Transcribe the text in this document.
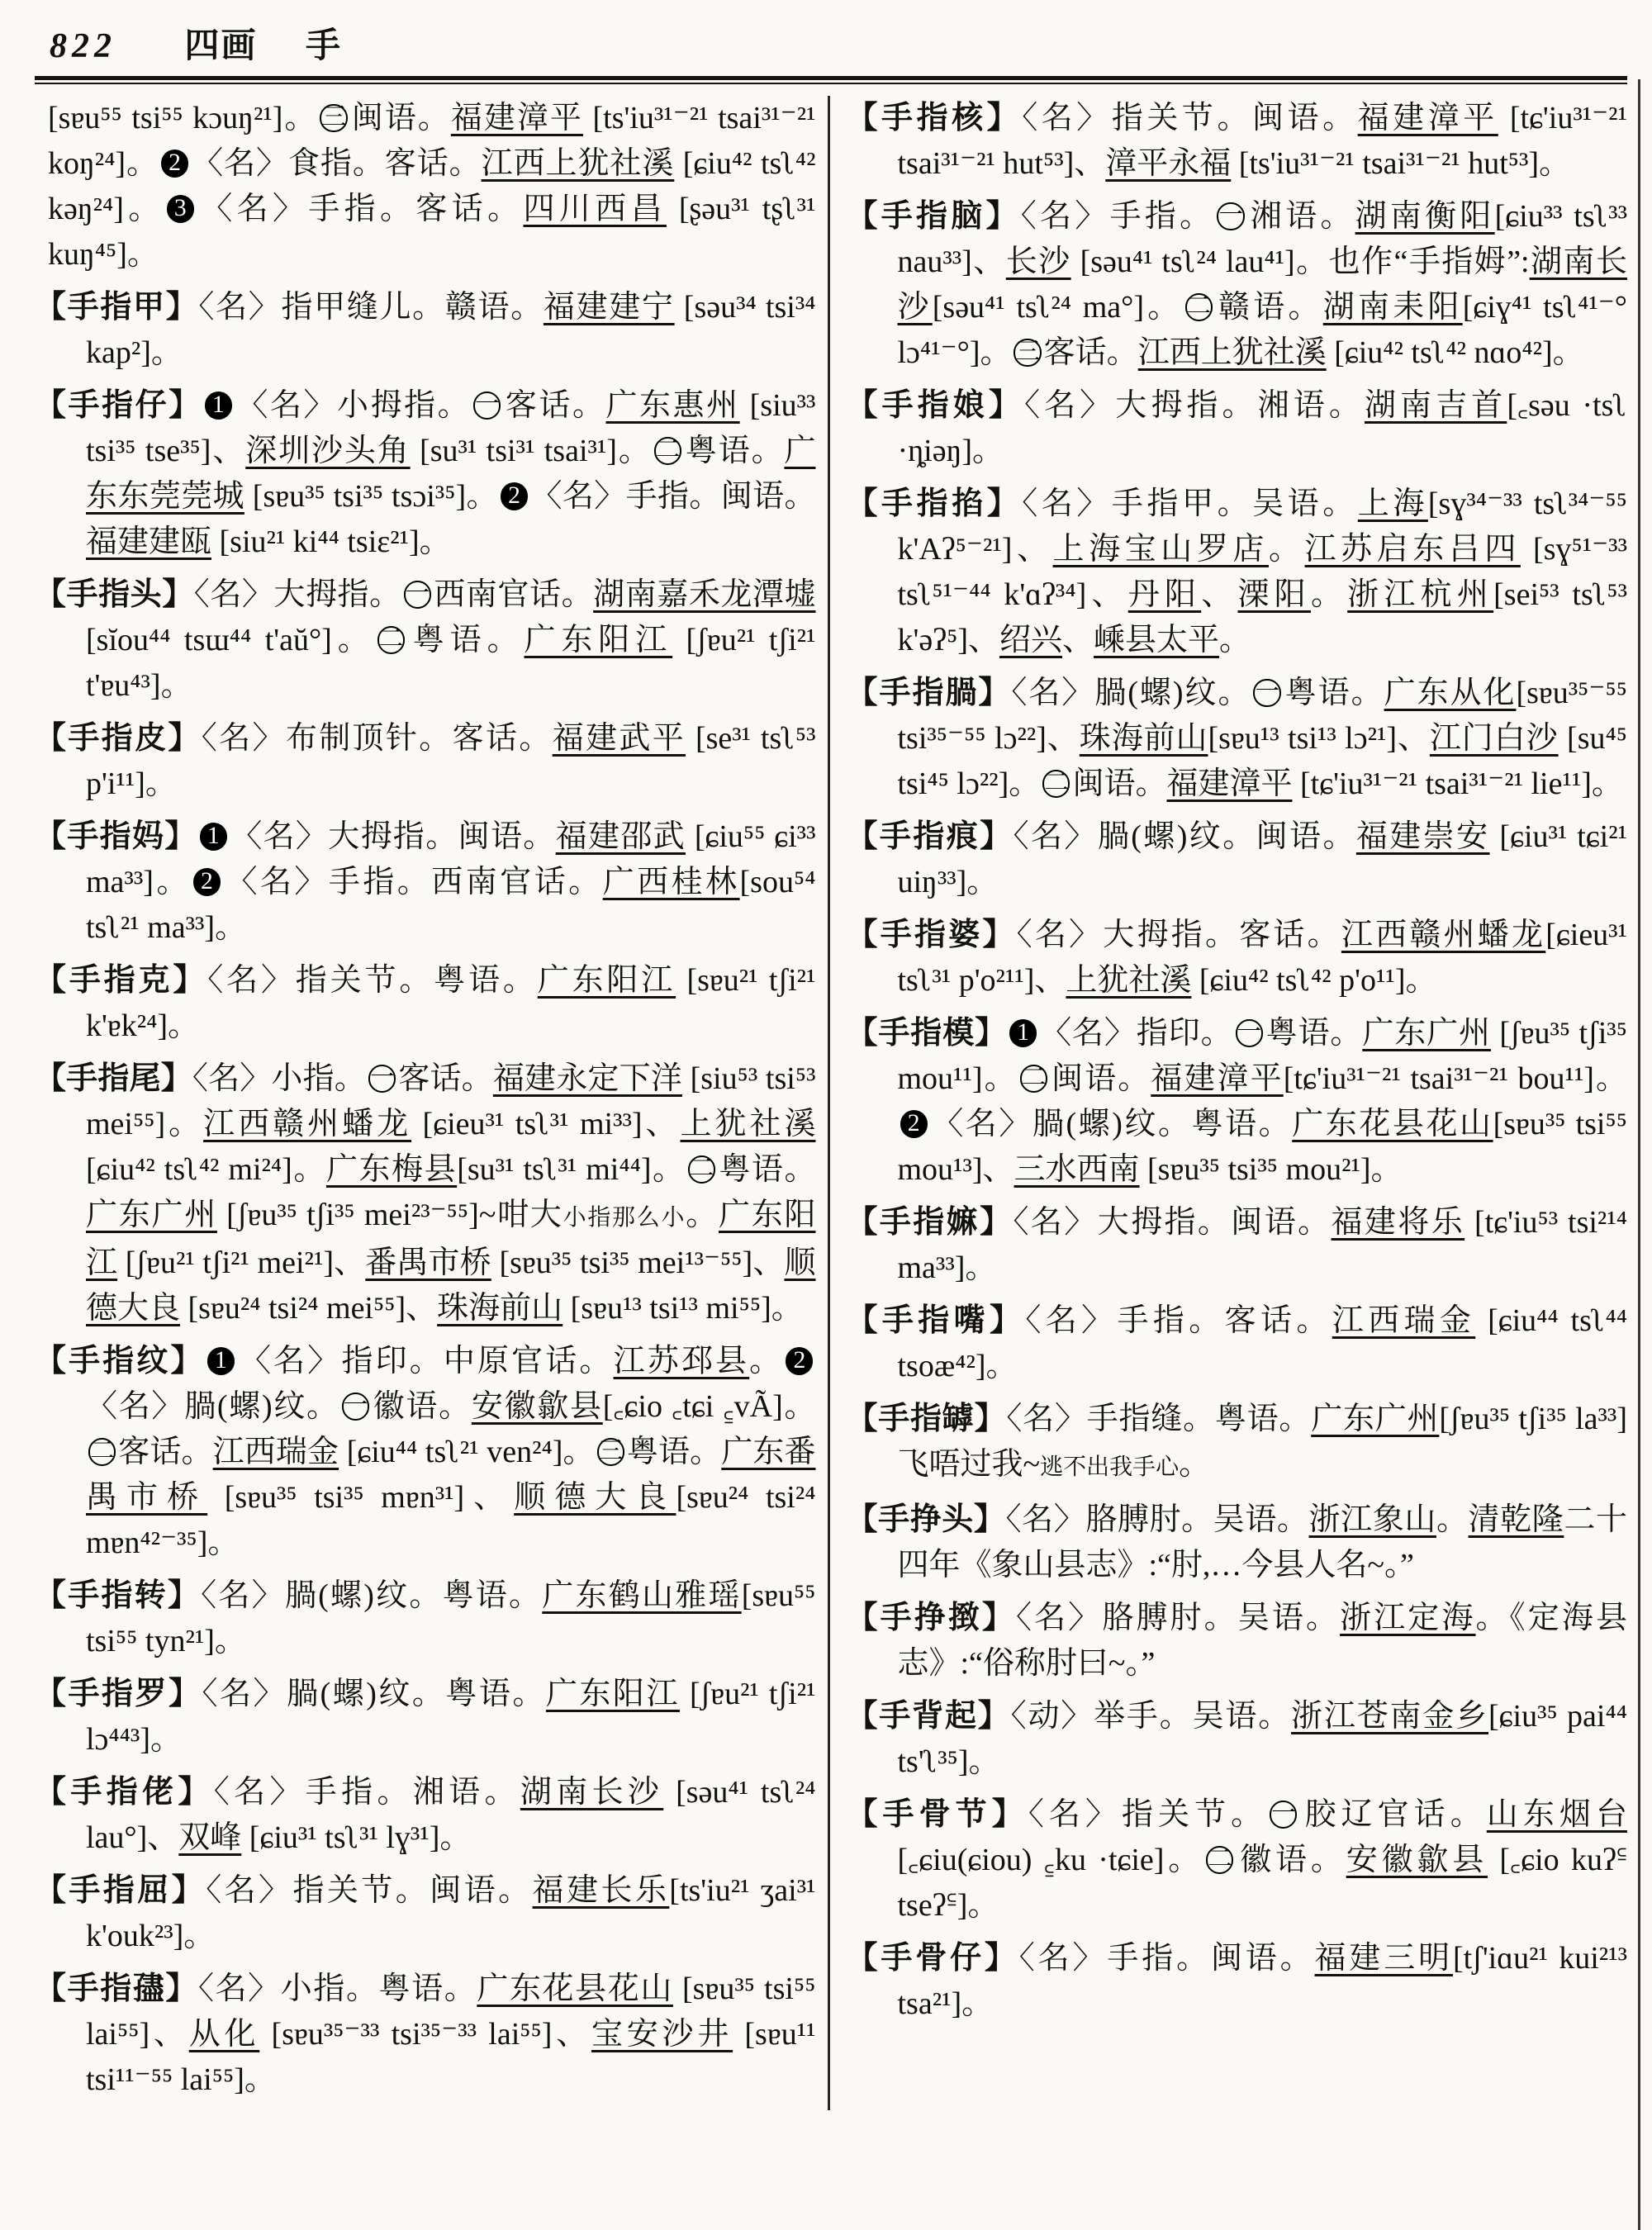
822 四画 手
[sɐu⁵⁵ tsi⁵⁵ kɔuŋ²¹]。 三 闽语。福建漳平 [ts'iu³¹⁻²¹ tsai³¹⁻²¹ koŋ²⁴]。 2 〈名〉食指。客话。江西上犹社溪 [ɕiu⁴² tsʅ⁴² kəŋ²⁴]。 3 〈名〉手指。客话。四川西昌 [ʂəu³¹ tʂʅ³¹ kuŋ⁴⁵]。
【手指甲】〈名〉指甲缝儿。赣语。福建建宁 [səu³⁴ tsi³⁴ kap²]。
【手指仔】 1 〈名〉小拇指。 一 客话。广东惠州 [siu³³ tsi³⁵ tse³⁵]、深圳沙头角 [su³¹ tsi³¹ tsai³¹]。 二 粤语。广东东莞莞城 [sɐu³⁵ tsi³⁵ tsɔi³⁵]。 2 〈名〉手指。闽语。福建建瓯 [siu²¹ ki⁴⁴ tsiɛ²¹]。
【手指头】〈名〉大拇指。 一 西南官话。湖南嘉禾龙潭墟 [sĭou⁴⁴ tsɯ⁴⁴ t'aŭ°]。 二 粤语。广东阳江 [ʃɐu²¹ tʃi²¹ t'ɐu⁴³]。
【手指皮】〈名〉布制顶针。客话。福建武平 [se³¹ tsʅ⁵³ p'i¹¹]。
【手指妈】 1 〈名〉大拇指。闽语。福建邵武 [ɕiu⁵⁵ ɕi³³ ma³³]。 2 〈名〉手指。西南官话。广西桂林[sou⁵⁴ tsʅ²¹ ma³³]。
【手指克】〈名〉指关节。粤语。广东阳江 [sɐu²¹ tʃi²¹ k'ɐk²⁴]。
【手指尾】〈名〉小指。 一 客话。福建永定下洋 [siu⁵³ tsi⁵³ mei⁵⁵]。江西赣州蟠龙 [ɕieu³¹ tsʅ³¹ mi³³]、上犹社溪 [ɕiu⁴² tsʅ⁴² mi²⁴]。广东梅县[su³¹ tsʅ³¹ mi⁴⁴]。 二 粤语。广东广州 [ʃɐu³⁵ tʃi³⁵ mei²³⁻⁵⁵]~咁大小指那么小。广东阳江 [ʃɐu²¹ tʃi²¹ mei²¹]、番禺市桥 [sɐu³⁵ tsi³⁵ mei¹³⁻⁵⁵]、顺德大良 [sɐu²⁴ tsi²⁴ mei⁵⁵]、珠海前山 [sɐu¹³ tsi¹³ mi⁵⁵]。
【手指纹】 1 〈名〉指印。中原官话。江苏邳县。 2〈名〉腡(螺)纹。 一 徽语。安徽歙县[꜀ɕio ꜀tɕi ꜁vÃ]。二 客话。江西瑞金 [ɕiu⁴⁴ tsʅ²¹ ven²⁴]。 三 粤语。广东番禺市桥 [sɐu³⁵ tsi³⁵ mɐn³¹]、顺德大良[sɐu²⁴ tsi²⁴ mɐn⁴²⁻³⁵]。
【手指转】〈名〉腡(螺)纹。粤语。广东鹤山雅瑶[sɐu⁵⁵ tsi⁵⁵ tyn²¹]。
【手指罗】〈名〉腡(螺)纹。粤语。广东阳江 [ʃɐu²¹ tʃi²¹ lɔ⁴⁴³]。
【手指佬】〈名〉手指。湘语。湖南长沙 [səu⁴¹ tsʅ²⁴ lau°]、双峰 [ɕiu³¹ tsʅ³¹ lɣ³¹]。
【手指屈】〈名〉指关节。闽语。福建长乐[ts'iu²¹ ʒai³¹ k'ouk²³]。
【手指孻】〈名〉小指。粤语。广东花县花山 [sɐu³⁵ tsi⁵⁵ lai⁵⁵]、从化 [sɐu³⁵⁻³³ tsi³⁵⁻³³ lai⁵⁵]、宝安沙井 [sɐu¹¹ tsi¹¹⁻⁵⁵ lai⁵⁵]。
【手指核】〈名〉指关节。闽语。福建漳平 [tɕ'iu³¹⁻²¹ tsai³¹⁻²¹ hut⁵³]、漳平永福 [ts'iu³¹⁻²¹ tsai³¹⁻²¹ hut⁵³]。
【手指脑】〈名〉手指。 一 湘语。湖南衡阳[ɕiu³³ tsʅ³³ nau³³]、长沙 [səu⁴¹ tsʅ²⁴ lau⁴¹]。也作“手指姆”:湖南长沙[səu⁴¹ tsʅ²⁴ ma°]。 二 赣语。湖南耒阳[ɕiɣ⁴¹ tsʅ⁴¹⁻° lɔ⁴¹⁻°]。 三 客话。江西上犹社溪 [ɕiu⁴² tsʅ⁴² nɑo⁴²]。
【手指娘】〈名〉大拇指。湘语。湖南吉首[꜀səu ·tsʅ ·ȵiəŋ]。
【手指掐】〈名〉手指甲。吴语。上海[sɣ³⁴⁻³³ tsʅ³⁴⁻⁵⁵ k'Aʔ⁵⁻²¹]、上海宝山罗店。江苏启东吕四 [sɣ⁵¹⁻³³ tsʅ⁵¹⁻⁴⁴ k'ɑʔ³⁴]、丹阳、溧阳。浙江杭州[sei⁵³ tsʅ⁵³ k'əʔ⁵]、绍兴、嵊县太平。
【手指腡】〈名〉腡(螺)纹。 一 粤语。广东从化[sɐu³⁵⁻⁵⁵ tsi³⁵⁻⁵⁵ lɔ²²]、珠海前山[sɐu¹³ tsi¹³ lɔ²¹]、江门白沙 [su⁴⁵ tsi⁴⁵ lɔ²²]。 二 闽语。福建漳平 [tɕ'iu³¹⁻²¹ tsai³¹⁻²¹ lie¹¹]。
【手指痕】〈名〉腡(螺)纹。闽语。福建崇安 [ɕiu³¹ tɕi²¹ uiŋ³³]。
【手指婆】〈名〉大拇指。客话。江西赣州蟠龙[ɕieu³¹ tsʅ³¹ p'o²¹¹]、上犹社溪 [ɕiu⁴² tsʅ⁴² p'o¹¹]。
【手指模】 1 〈名〉指印。 一 粤语。广东广州 [ʃɐu³⁵ tʃi³⁵ mou¹¹]。 二 闽语。福建漳平[tɕ'iu³¹⁻²¹ tsai³¹⁻²¹ bou¹¹]。2 〈名〉腡(螺)纹。粤语。广东花县花山[sɐu³⁵ tsi⁵⁵ mou¹³]、三水西南 [sɐu³⁵ tsi³⁵ mou²¹]。
【手指嫲】〈名〉大拇指。闽语。福建将乐 [tɕ'iu⁵³ tsi²¹⁴ ma³³]。
【手指嘴】〈名〉手指。客话。江西瑞金 [ɕiu⁴⁴ tsʅ⁴⁴ tsoæ⁴²]。
【手指罅】〈名〉手指缝。粤语。广东广州[ʃɐu³⁵ tʃi³⁵ la³³] 飞唔过我~逃不出我手心。
【手挣头】〈名〉胳膊肘。吴语。浙江象山。清乾隆二十四年《象山县志》:“肘,…今县人名~。”
【手挣㨖】〈名〉胳膊肘。吴语。浙江定海。《定海县志》:“俗称肘曰~。”
【手背起】〈动〉举手。吴语。浙江苍南金乡[ɕiu³⁵ pai⁴⁴ ts'ʅ³⁵]。
【手骨节】〈名〉指关节。 一 胶辽官话。山东烟台 [꜀ɕiu(ɕiou) ꜁ku ·tɕie]。 二 徽语。安徽歙县 [꜀ɕio kuʔ꜃ tseʔ꜃]。
【手骨仔】〈名〉手指。闽语。福建三明[tʃ'iɑu²¹ kui²¹³ tsa²¹]。
